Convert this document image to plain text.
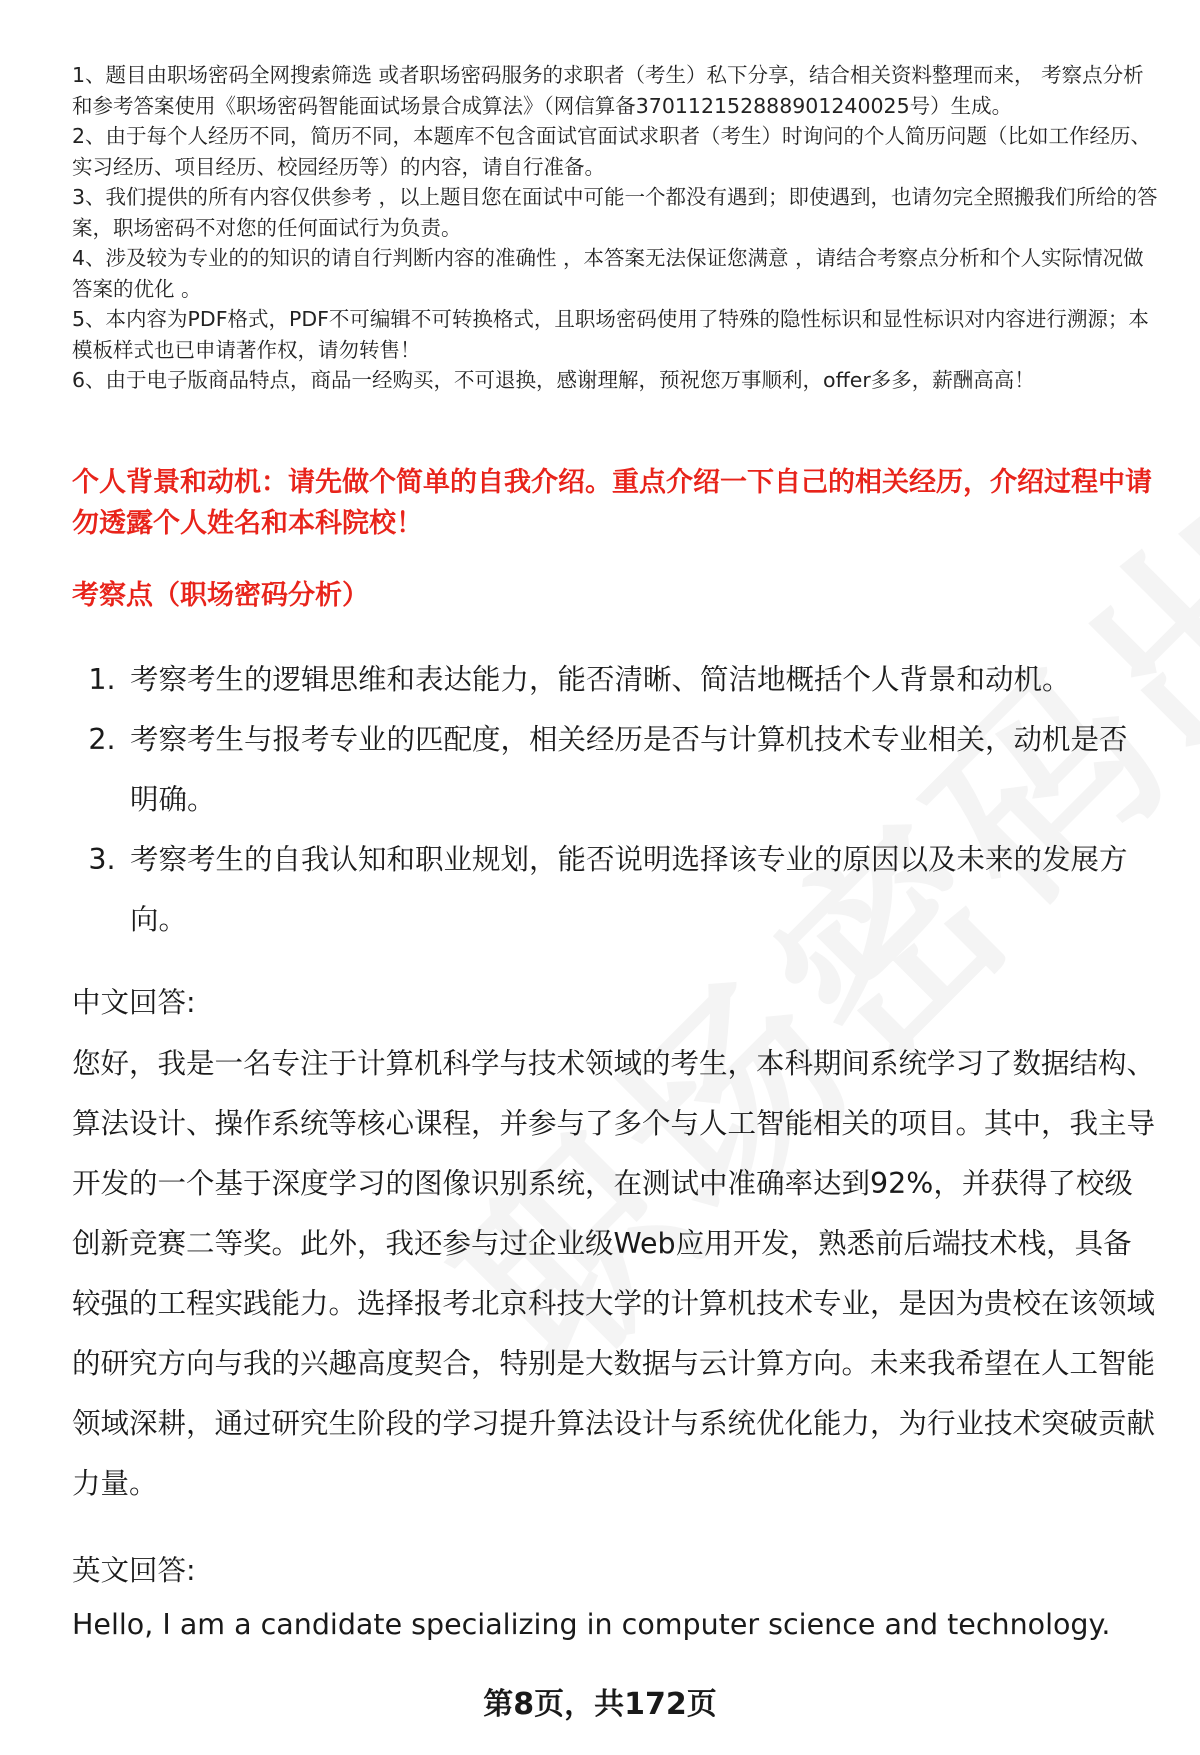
1、题目由职场密码全网搜索筛选 或者职场密码服务的求职者（考生）私下分享，结合相关资料整理而来， 考察点分析和参考答案使用《职场密码智能面试场景合成算法》（网信算备370112152888901240025号）生成。

2、由于每个人经历不同，简历不同，本题库不包含面试官面试求职者（考生）时询问的个人简历问题（比如工作经历、实习经历、项目经历、校园经历等）的内容，请自行准备。

3、我们提供的所有内容仅供参考 ，以上题目您在面试中可能一个都没有遇到；即使遇到，也请勿完全照搬我们所给的答案，职场密码不对您的任何面试行为负责。

4、涉及较为专业的的知识的请自行判断内容的准确性 ，本答案无法保证您满意 ，请结合考察点分析和个人实际情况做答案的优化 。

5、本内容为PDF格式，PDF不可编辑不可转换格式，且职场密码使用了特殊的隐性标识和显性标识对内容进行溯源；本模板样式也已申请著作权，请勿转售！

6、由于电子版商品特点，商品一经购买，不可退换，感谢理解，预祝您万事顺利，offer多多，薪酬高高！

个人背景和动机：请先做个简单的自我介绍。重点介绍一下自己的相关经历，介绍过程中请勿透露个人姓名和本科院校！
考察点（职场密码分析）
1. 考察考生的逻辑思维和表达能力，能否清晰、简洁地概括个人背景和动机。
2. 考察考生与报考专业的匹配度，相关经历是否与计算机技术专业相关，动机是否明确。
3. 考察考生的自我认知和职业规划，能否说明选择该专业的原因以及未来的发展方向。
中文回答:

您好，我是一名专注于计算机科学与技术领域的考生，本科期间系统学习了数据结构、算法设计、操作系统等核心课程，并参与了多个与人工智能相关的项目。其中，我主导开发的一个基于深度学习的图像识别系统，在测试中准确率达到92%，并获得了校级创新竞赛二等奖。此外，我还参与过企业级Web应用开发，熟悉前后端技术栈，具备较强的工程实践能力。选择报考北京科技大学的计算机技术专业，是因为贵校在该领域的研究方向与我的兴趣高度契合，特别是大数据与云计算方向。未来我希望在人工智能领域深耕，通过研究生阶段的学习提升算法设计与系统优化能力，为行业技术突破贡献力量。

英文回答:

Hello, I am a candidate specializing in computer science and technology.

第8页，共172页
